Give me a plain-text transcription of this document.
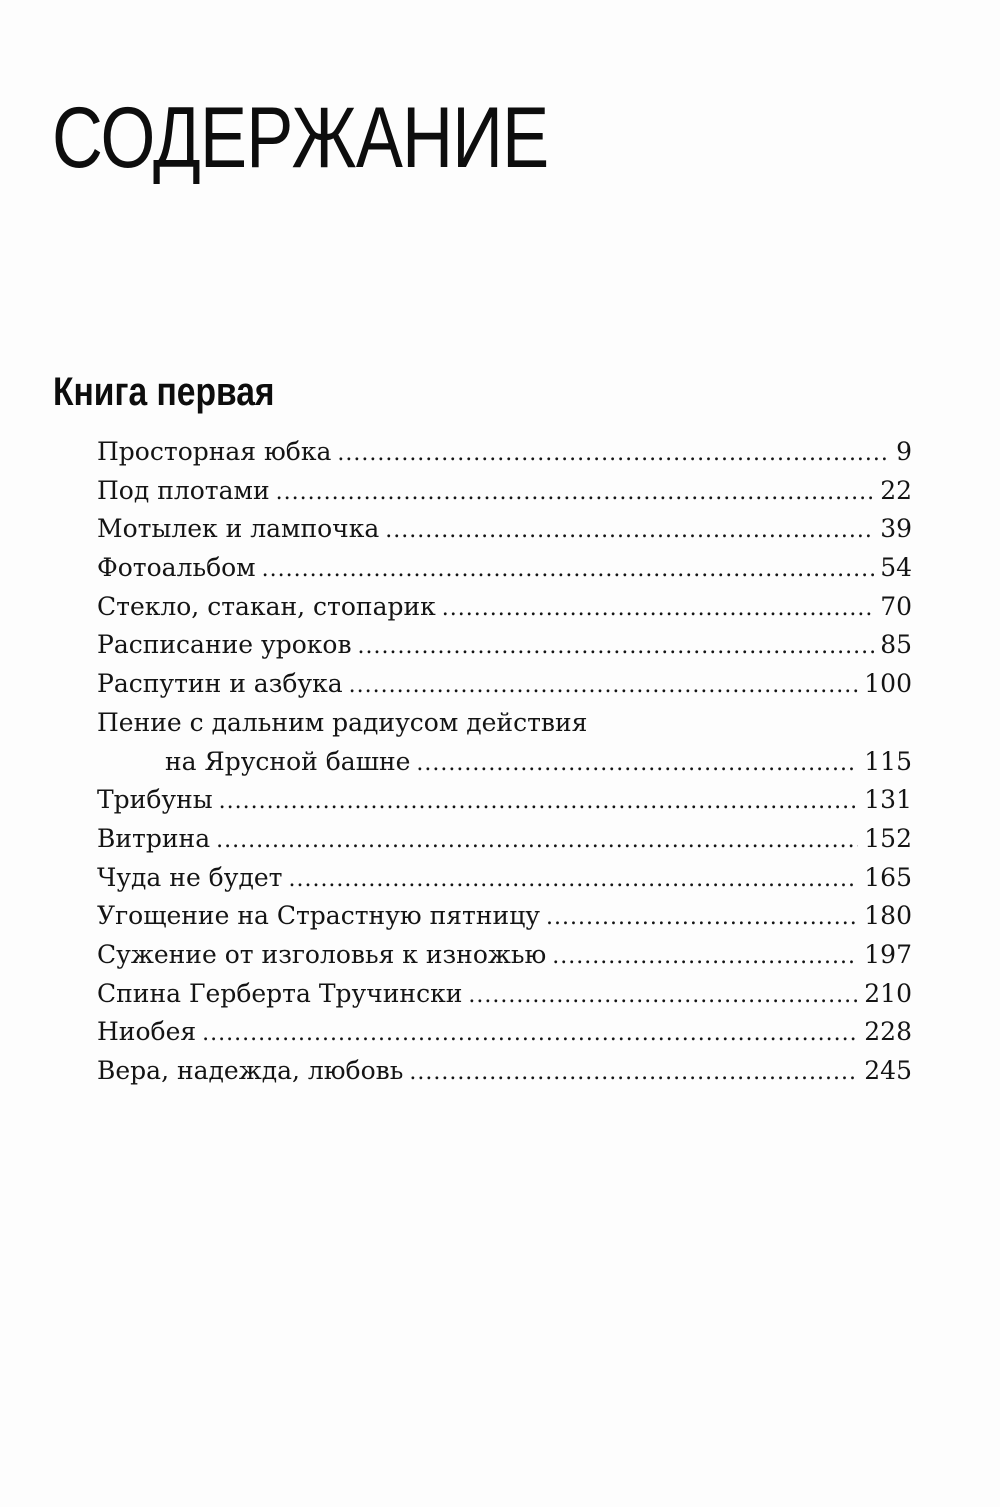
СОДЕРЖАНИЕ
Книга первая
Просторная юбка .....	9
Под плотами .....	22
Мотылек и лампочка .....	39
Фотоальбом .....	54
Стекло, стакан, стопарик .....	70
Расписание уроков .....	85
Распутин и азбука .....	100
Пение с дальним радиусом действия
на Ярусной башне .....	115
Трибуны .....	131
Витрина .....	152
Чуда не будет .....	165
Угощение на Страстную пятницу .....	180
Сужение от изголовья к изножью .....	197
Спина Герберта Тручински .....	210
Ниобея .....	228
Вера, надежда, любовь .....	245
